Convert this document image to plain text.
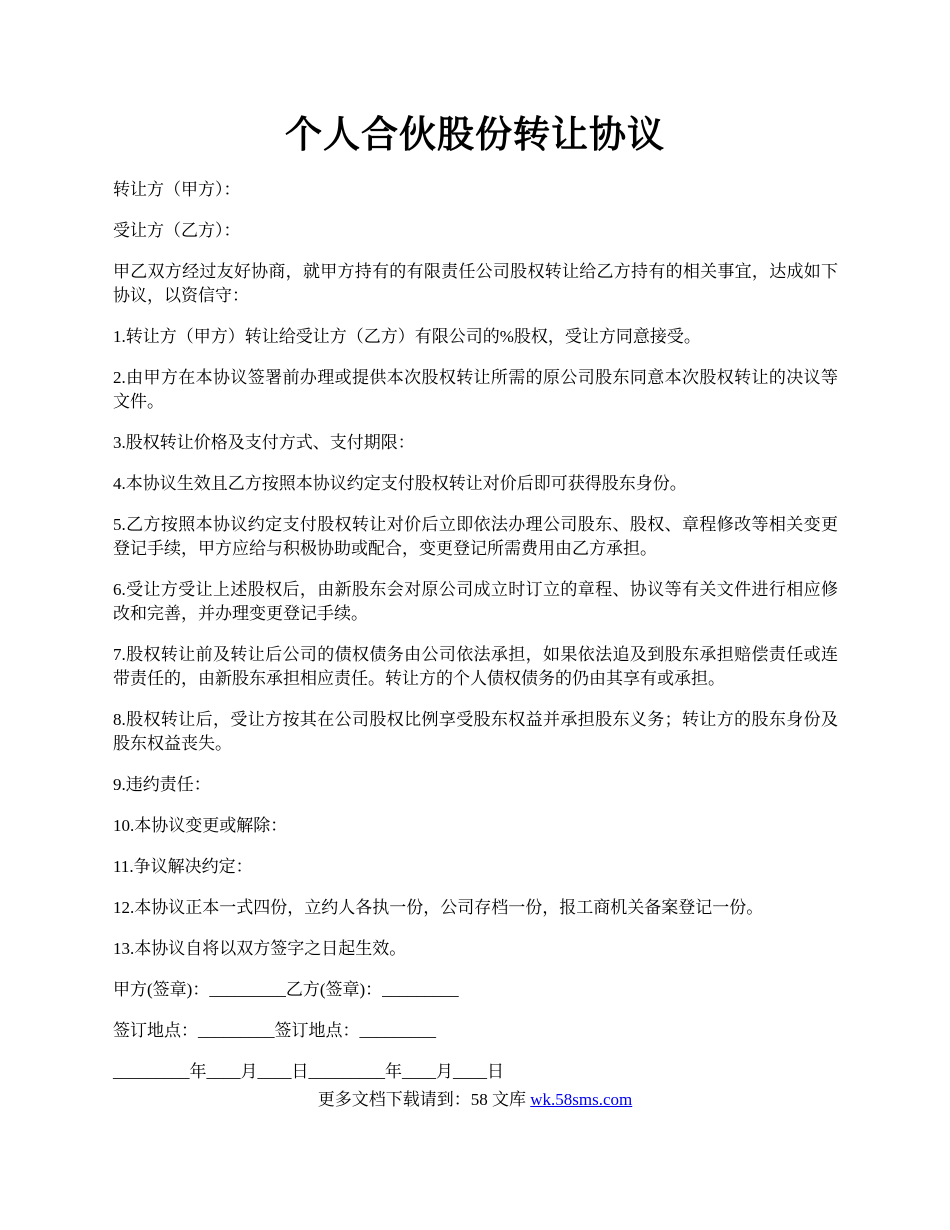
个人合伙股份转让协议

转让方（甲方）：

受让方（乙方）：

甲乙双方经过友好协商，就甲方持有的有限责任公司股权转让给乙方持有的相关事宜，达成如下协议，以资信守：

1.转让方（甲方）转让给受让方（乙方）有限公司的%股权，受让方同意接受。

2.由甲方在本协议签署前办理或提供本次股权转让所需的原公司股东同意本次股权转让的决议等文件。

3.股权转让价格及支付方式、支付期限：

4.本协议生效且乙方按照本协议约定支付股权转让对价后即可获得股东身份。

5.乙方按照本协议约定支付股权转让对价后立即依法办理公司股东、股权、章程修改等相关变更登记手续，甲方应给与积极协助或配合，变更登记所需费用由乙方承担。

6.受让方受让上述股权后，由新股东会对原公司成立时订立的章程、协议等有关文件进行相应修改和完善，并办理变更登记手续。

7.股权转让前及转让后公司的债权债务由公司依法承担，如果依法追及到股东承担赔偿责任或连带责任的，由新股东承担相应责任。转让方的个人债权债务的仍由其享有或承担。

8.股权转让后，受让方按其在公司股权比例享受股东权益并承担股东义务；转让方的股东身份及股东权益丧失。

9.违约责任：

10.本协议变更或解除：

11.争议解决约定：

12.本协议正本一式四份，立约人各执一份，公司存档一份，报工商机关备案登记一份。

13.本协议自将以双方签字之日起生效。

甲方(签章)：_________乙方(签章)：_________

签订地点：_________签订地点：_________

_________年____月____日_________年____月____日

更多文档下载请到：58 文库 wk.58sms.com
